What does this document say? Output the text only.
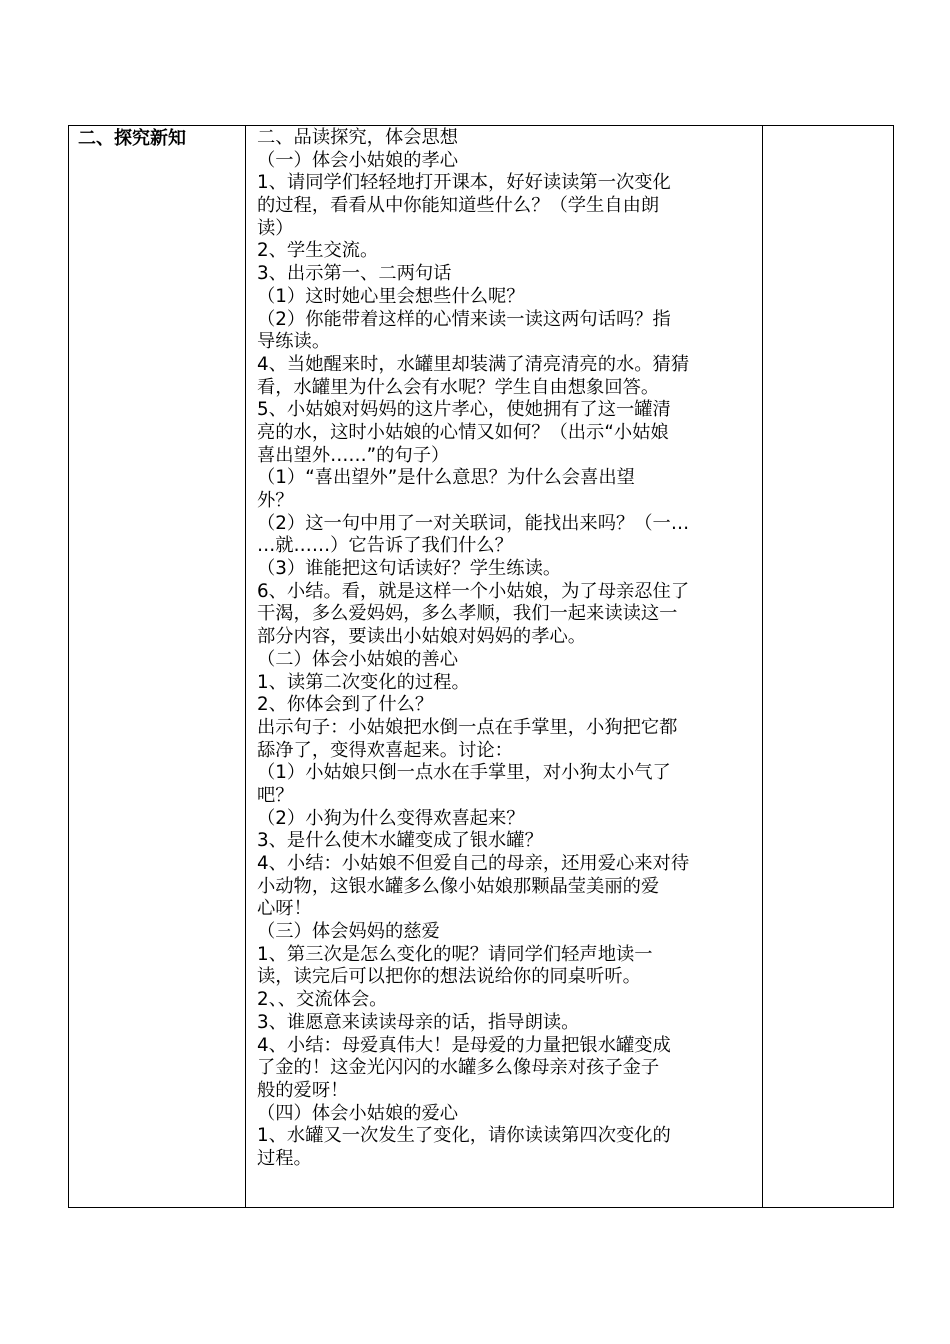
二、探究新知	二、品读探究，体会思想
（一）体会小姑娘的孝心
1、请同学们轻轻地打开课本，好好读读第一次变化
的过程，看看从中你能知道些什么？（学生自由朗
读）
2、学生交流。
3、出示第一、二两句话
（1）这时她心里会想些什么呢？
（2）你能带着这样的心情来读一读这两句话吗？指
导练读。
4、当她醒来时，水罐里却装满了清亮清亮的水。猜猜
看，水罐里为什么会有水呢？学生自由想象回答。
5、小姑娘对妈妈的这片孝心，使她拥有了这一罐清
亮的水，这时小姑娘的心情又如何？（出示“小姑娘
喜出望外……”的句子）
（1）“喜出望外”是什么意思？为什么会喜出望
外？
（2）这一句中用了一对关联词，能找出来吗？（一…
…就……）它告诉了我们什么？
（3）谁能把这句话读好？学生练读。
6、小结。看，就是这样一个小姑娘，为了母亲忍住了
干渴，多么爱妈妈，多么孝顺，我们一起来读读这一
部分内容，要读出小姑娘对妈妈的孝心。
（二）体会小姑娘的善心
1、读第二次变化的过程。
2、你体会到了什么？
出示句子：小姑娘把水倒一点在手掌里，小狗把它都
舔净了，变得欢喜起来。讨论：
（1）小姑娘只倒一点水在手掌里，对小狗太小气了
吧？
（2）小狗为什么变得欢喜起来？
3、是什么使木水罐变成了银水罐？
4、小结：小姑娘不但爱自己的母亲，还用爱心来对待
小动物，这银水罐多么像小姑娘那颗晶莹美丽的爱
心呀！
（三）体会妈妈的慈爱
1、第三次是怎么变化的呢？请同学们轻声地读一
读，读完后可以把你的想法说给你的同桌听听。
2、、交流体会。
3、谁愿意来读读母亲的话，指导朗读。
4、小结：母爱真伟大！是母爱的力量把银水罐变成
了金的！这金光闪闪的水罐多么像母亲对孩子金子
般的爱呀！
（四）体会小姑娘的爱心
1、水罐又一次发生了变化，请你读读第四次变化的
过程。
